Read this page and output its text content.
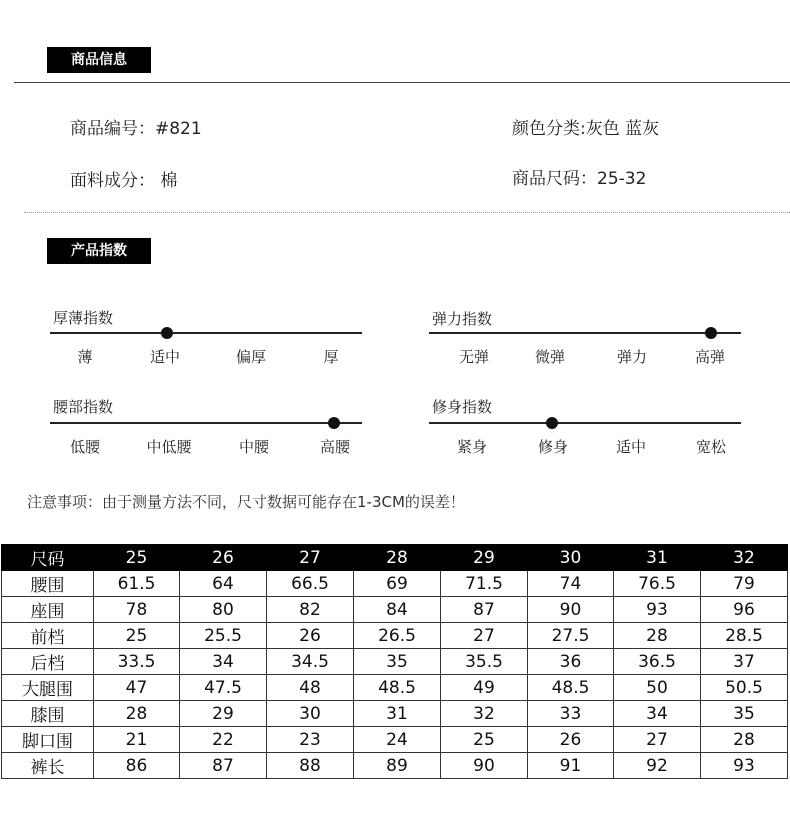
商品信息
商品编号：#821	颜色分类:灰色 蓝灰
面料成分： 棉	商品尺码：25-32
产品指数
厚薄指数
薄	适中	偏厚	厚
弹力指数
无弹	微弹	弹力	高弹
腰部指数
低腰	中低腰	中腰	高腰
修身指数
紧身	修身	适中	宽松
注意事项：由于测量方法不同，尺寸数据可能存在1-3CM的误差！
尺码	25	26	27	28	29	30	31	32
腰围	61.5	64	66.5	69	71.5	74	76.5	79
座围	78	80	82	84	87	90	93	96
前档	25	25.5	26	26.5	27	27.5	28	28.5
后档	33.5	34	34.5	35	35.5	36	36.5	37
大腿围	47	47.5	48	48.5	49	48.5	50	50.5
膝围	28	29	30	31	32	33	34	35
脚口围	21	22	23	24	25	26	27	28
裤长	86	87	88	89	90	91	92	93
